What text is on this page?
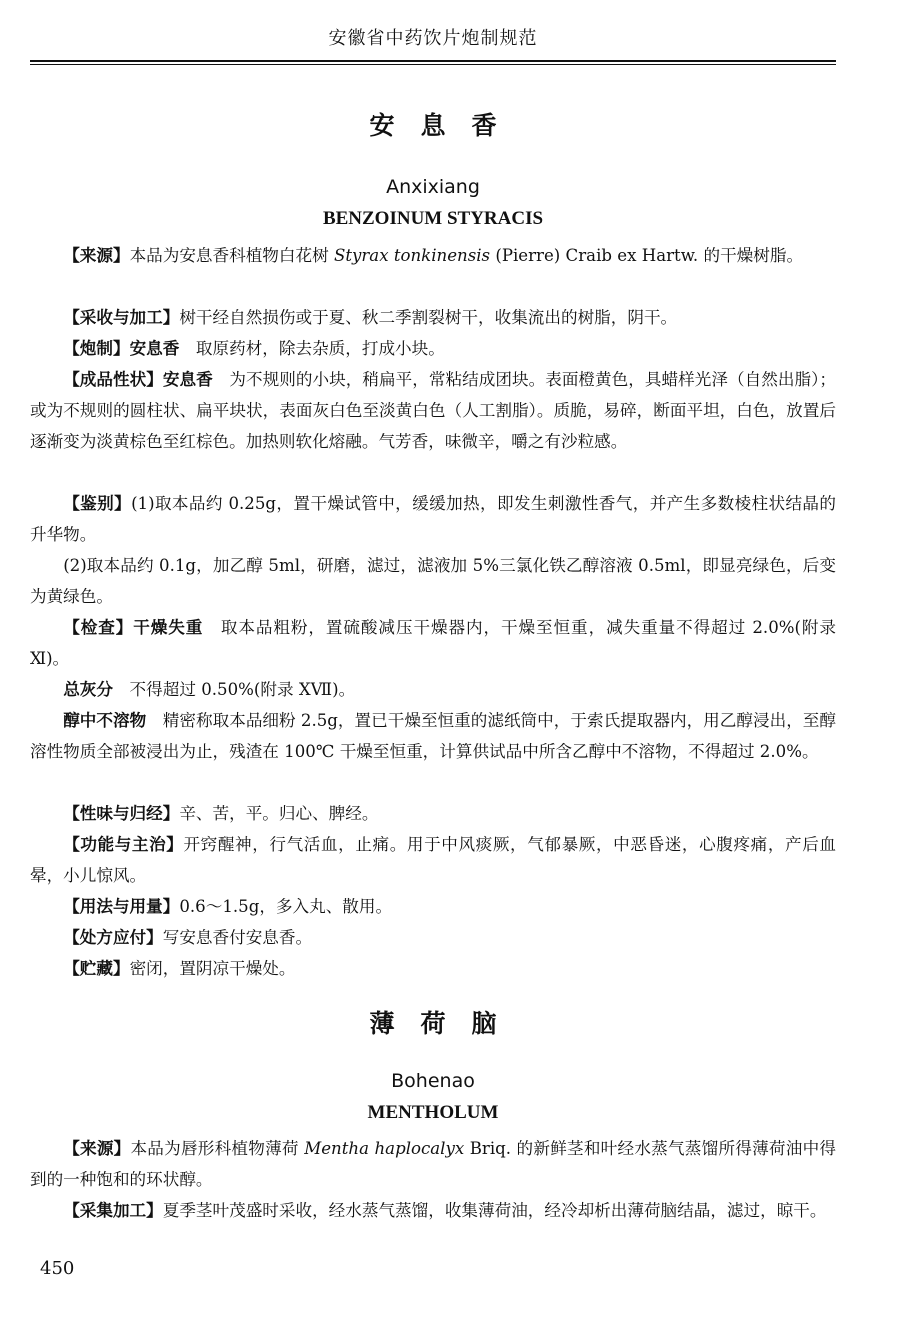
安徽省中药饮片炮制规范
安息香
Anxixiang
BENZOINUM STYRACIS
【来源】本品为安息香科植物白花树 Styrax tonkinensis (Pierre) Craib ex Hartw. 的干燥树脂。
【采收与加工】树干经自然损伤或于夏、秋二季割裂树干，收集流出的树脂，阴干。
【炮制】安息香　取原药材，除去杂质，打成小块。
【成品性状】安息香　为不规则的小块，稍扁平，常粘结成团块。表面橙黄色，具蜡样光泽（自然出脂）；或为不规则的圆柱状、扁平块状，表面灰白色至淡黄白色（人工割脂）。质脆，易碎，断面平坦，白色，放置后逐渐变为淡黄棕色至红棕色。加热则软化熔融。气芳香，味微辛，嚼之有沙粒感。
【鉴别】(1)取本品约 0.25g，置干燥试管中，缓缓加热，即发生刺激性香气，并产生多数棱柱状结晶的升华物。
(2)取本品约 0.1g，加乙醇 5ml，研磨，滤过，滤液加 5%三氯化铁乙醇溶液 0.5ml，即显亮绿色，后变为黄绿色。
【检查】干燥失重　取本品粗粉，置硫酸减压干燥器内，干燥至恒重，减失重量不得超过 2.0%(附录 Ⅺ)。
总灰分　不得超过 0.50%(附录 ⅩⅦ)。
醇中不溶物　精密称取本品细粉 2.5g，置已干燥至恒重的滤纸筒中，于索氏提取器内，用乙醇浸出，至醇溶性物质全部被浸出为止，残渣在 100℃ 干燥至恒重，计算供试品中所含乙醇中不溶物，不得超过 2.0%。
【性味与归经】辛、苦，平。归心、脾经。
【功能与主治】开窍醒神，行气活血，止痛。用于中风痰厥，气郁暴厥，中恶昏迷，心腹疼痛，产后血晕，小儿惊风。
【用法与用量】0.6～1.5g，多入丸、散用。
【处方应付】写安息香付安息香。
【贮藏】密闭，置阴凉干燥处。
薄荷脑
Bohenao
MENTHOLUM
【来源】本品为唇形科植物薄荷 Mentha haplocalyx Briq. 的新鲜茎和叶经水蒸气蒸馏所得薄荷油中得到的一种饱和的环状醇。
【采集加工】夏季茎叶茂盛时采收，经水蒸气蒸馏，收集薄荷油，经冷却析出薄荷脑结晶，滤过，晾干。
450
